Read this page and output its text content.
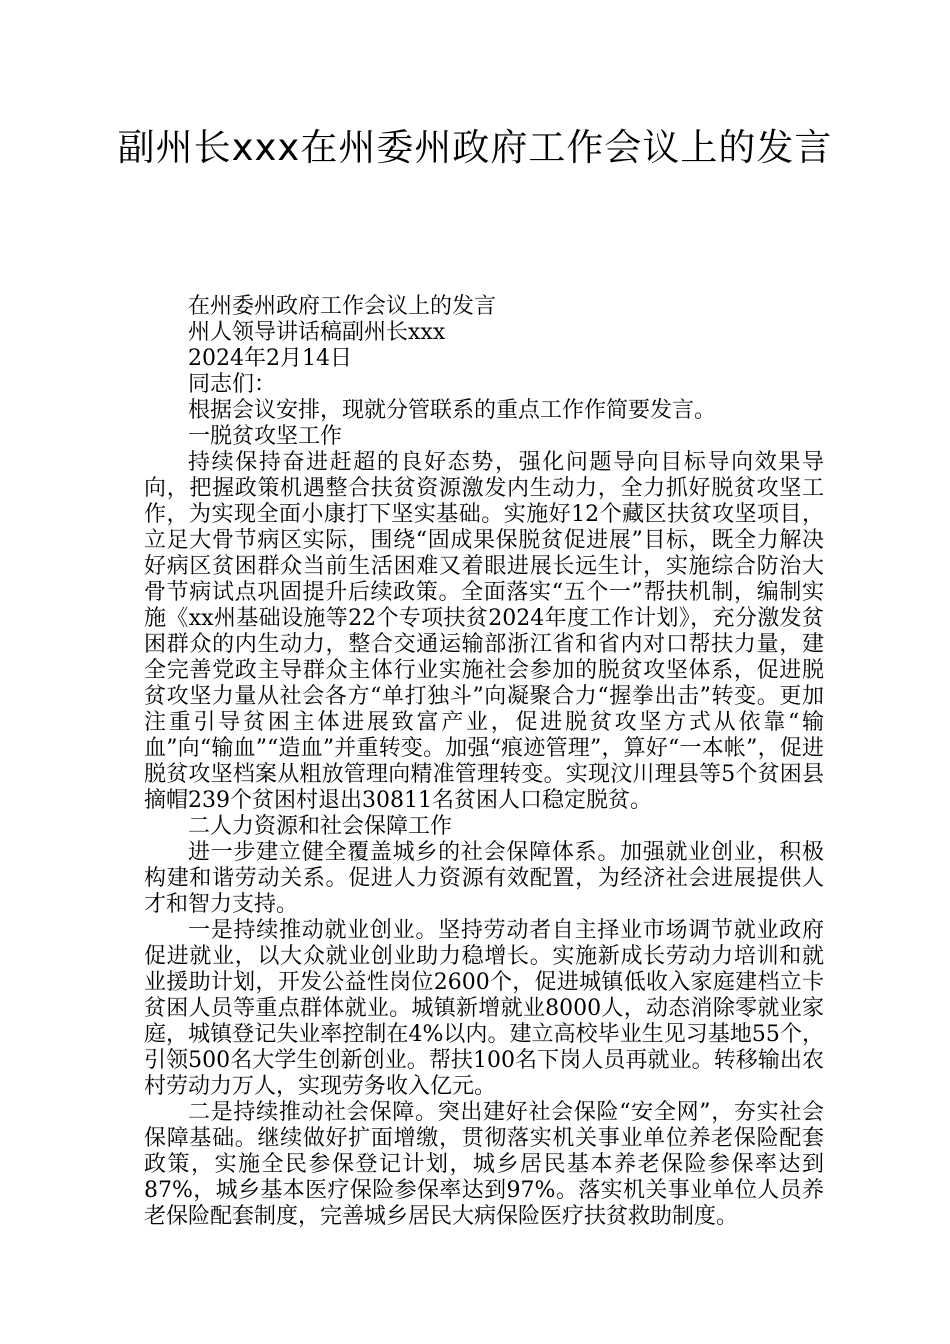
副州长xxx在州委州政府工作会议上的发言

在州委州政府工作会议上的发言

州人领导讲话稿副州长xxx

2024年2月14日

同志们：

根据会议安排，现就分管联系的重点工作作简要发言。

一脱贫攻坚工作

持续保持奋进赶超的良好态势，强化问题导向目标导向效果导向，把握政策机遇整合扶贫资源激发内生动力，全力抓好脱贫攻坚工作，为实现全面小康打下坚实基础。实施好12个藏区扶贫攻坚项目，立足大骨节病区实际，围绕“固成果保脱贫促进展”目标，既全力解决好病区贫困群众当前生活困难又着眼进展长远生计，实施综合防治大骨节病试点巩固提升后续政策。全面落实“五个一”帮扶机制，编制实施《xx州基础设施等22个专项扶贫2024年度工作计划》，充分激发贫困群众的内生动力，整合交通运输部浙江省和省内对口帮扶力量，建全完善党政主导群众主体行业实施社会参加的脱贫攻坚体系，促进脱贫攻坚力量从社会各方“单打独斗”向凝聚合力“握拳出击”转变。更加注重引导贫困主体进展致富产业，促进脱贫攻坚方式从依靠“输血”向“输血”“造血”并重转变。加强“痕迹管理”，算好“一本帐”，促进脱贫攻坚档案从粗放管理向精准管理转变。实现汶川理县等5个贫困县摘帽239个贫困村退出30811名贫困人口稳定脱贫。

二人力资源和社会保障工作

进一步建立健全覆盖城乡的社会保障体系。加强就业创业，积极构建和谐劳动关系。促进人力资源有效配置，为经济社会进展提供人才和智力支持。

一是持续推动就业创业。坚持劳动者自主择业市场调节就业政府促进就业，以大众就业创业助力稳增长。实施新成长劳动力培训和就业援助计划，开发公益性岗位2600个，促进城镇低收入家庭建档立卡贫困人员等重点群体就业。城镇新增就业8000人，动态消除零就业家庭，城镇登记失业率控制在4%以内。建立高校毕业生见习基地55个，引领500名大学生创新创业。帮扶100名下岗人员再就业。转移输出农村劳动力万人，实现劳务收入亿元。

二是持续推动社会保障。突出建好社会保险“安全网”，夯实社会保障基础。继续做好扩面增缴，贯彻落实机关事业单位养老保险配套政策，实施全民参保登记计划，城乡居民基本养老保险参保率达到87%，城乡基本医疗保险参保率达到97%。落实机关事业单位人员养老保险配套制度，完善城乡居民大病保险医疗扶贫救助制度。
